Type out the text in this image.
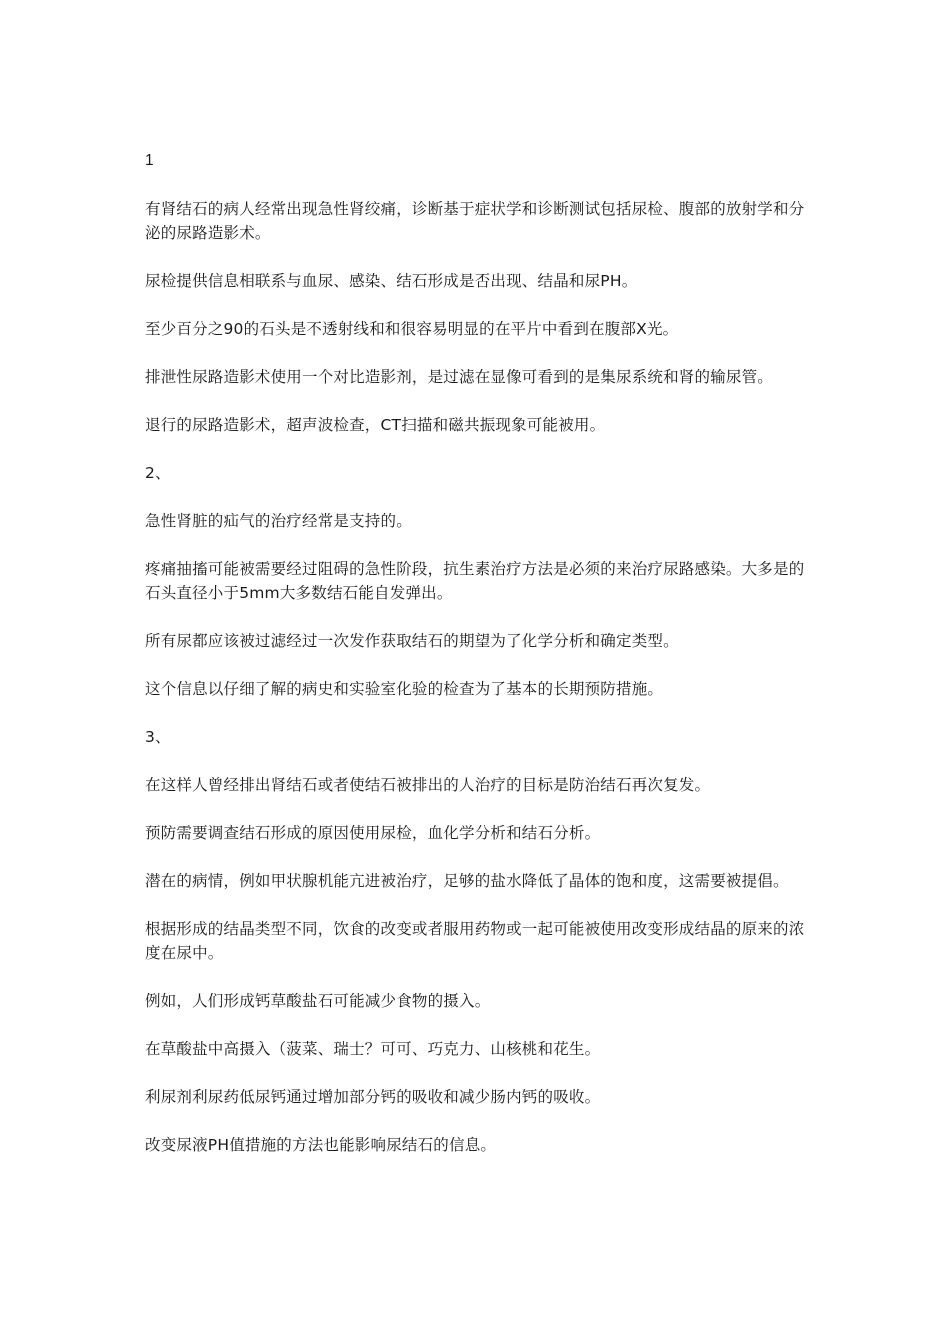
1

有肾结石的病人经常出现急性肾绞痛，诊断基于症状学和诊断测试包括尿检、腹部的放射学和分泌的尿路造影术。

尿检提供信息相联系与血尿、感染、结石形成是否出现、结晶和尿PH。

至少百分之90的石头是不透射线和和很容易明显的在平片中看到在腹部X光。

排泄性尿路造影术使用一个对比造影剂，是过滤在显像可看到的是集尿系统和肾的输尿管。

退行的尿路造影术，超声波检查，CT扫描和磁共振现象可能被用。

2、

急性肾脏的疝气的治疗经常是支持的。

疼痛抽搐可能被需要经过阻碍的急性阶段，抗生素治疗方法是必须的来治疗尿路感染。大多是的石头直径小于5mm大多数结石能自发弹出。

所有尿都应该被过滤经过一次发作获取结石的期望为了化学分析和确定类型。

这个信息以仔细了解的病史和实验室化验的检查为了基本的长期预防措施。

3、

在这样人曾经排出肾结石或者使结石被排出的人治疗的目标是防治结石再次复发。

预防需要调查结石形成的原因使用尿检，血化学分析和结石分析。

潜在的病情，例如甲状腺机能亢进被治疗，足够的盐水降低了晶体的饱和度，这需要被提倡。

根据形成的结晶类型不同，饮食的改变或者服用药物或一起可能被使用改变形成结晶的原来的浓度在尿中。

例如，人们形成钙草酸盐石可能减少食物的摄入。

在草酸盐中高摄入（菠菜、瑞士？可可、巧克力、山核桃和花生。

利尿剂利尿药低尿钙通过增加部分钙的吸收和减少肠内钙的吸收。

改变尿液PH值措施的方法也能影响尿结石的信息。
